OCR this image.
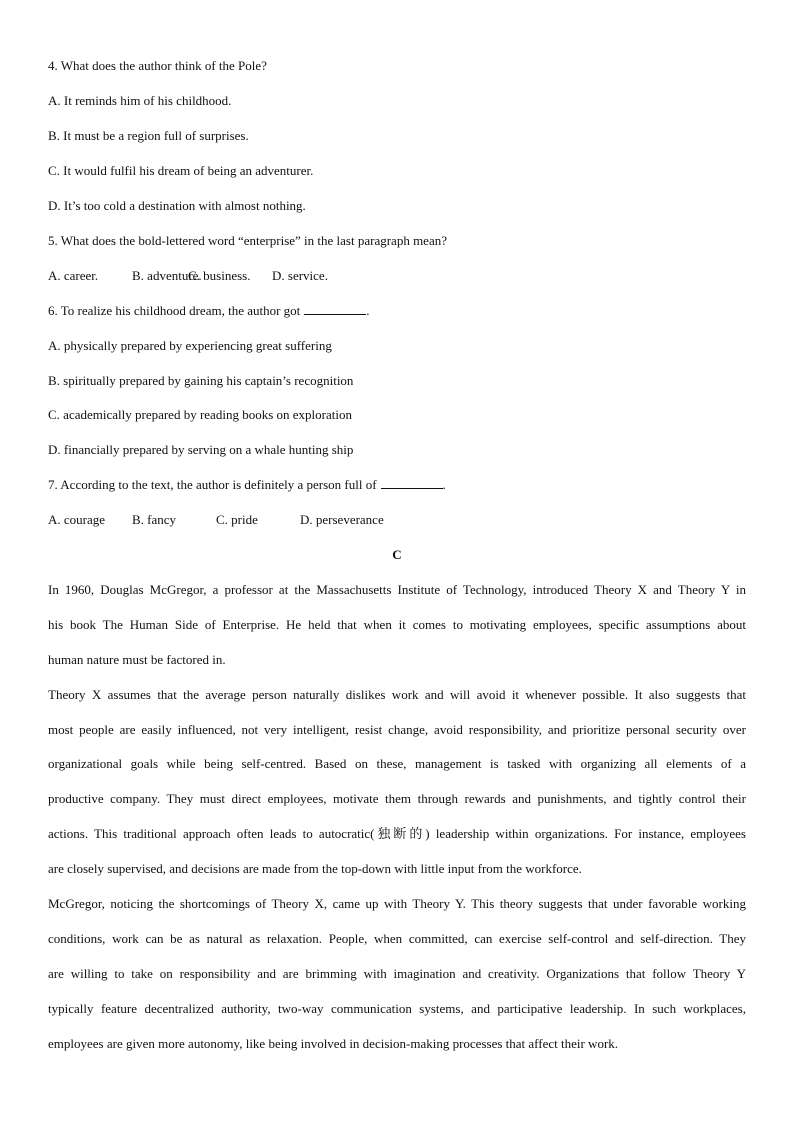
4. What does the author think of the Pole?
A. It reminds him of his childhood.
B. It must be a region full of surprises.
C. It would fulfil his dream of being an adventurer.
D. It’s too cold a destination with almost nothing.
5. What does the bold-lettered word “enterprise” in the last paragraph mean?
A. career.	B. adventure.C. business. D. service.
6. To realize his childhood dream, the author got	.
A. physically prepared by experiencing great suffering
B. spiritually prepared by gaining his captain’s recognition
C. academically prepared by reading books on exploration
D. financially prepared by serving on a whale hunting ship
7. According to the text, the author is definitely a person full of	.
A. courage B. fancy	C. pride	D. perseverance
C
In 1960, Douglas McGregor, a professor at the Massachusetts Institute of Technology, introduced Theory X and Theory Y in
his book The Human Side of Enterprise. He held that when it comes to motivating employees, specific assumptions about
human nature must be factored in.
Theory X assumes that the average person naturally dislikes work and will avoid it whenever possible. It also suggests that
most people are easily influenced, not very intelligent, resist change, avoid responsibility, and prioritize personal security over
organizational goals while being self-centred. Based on these, management is tasked with organizing all elements of a
productive company. They must direct employees, motivate them through rewards and punishments, and tightly control their
actions. This traditional approach often leads to autocratic(独断的) leadership within organizations. For instance, employees
are closely supervised, and decisions are made from the top-down with little input from the workforce.
McGregor, noticing the shortcomings of Theory X, came up with Theory Y. This theory suggests that under favorable working
conditions, work can be as natural as relaxation. People, when committed, can exercise self-control and self-direction. They
are willing to take on responsibility and are brimming with imagination and creativity. Organizations that follow Theory Y
typically feature decentralized authority, two-way communication systems, and participative leadership. In such workplaces,
employees are given more autonomy, like being involved in decision-making processes that affect their work.
